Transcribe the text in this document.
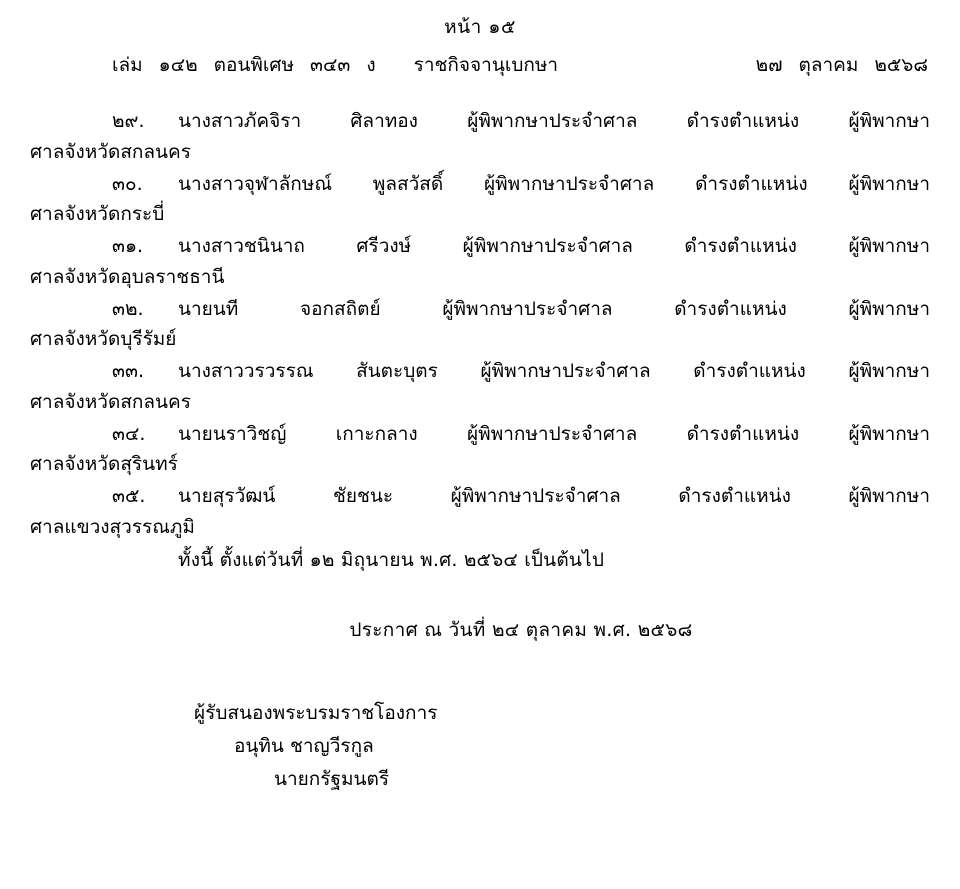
หน้า ๑๕
เล่ม ๑๔๒ ตอนพิเศษ ๓๔๓ ง ราชกิจจานุเบกษา	๒๗ ตุลาคม ๒๕๖๘
๒๙. นางสาวภัคจิรา ศิลาทอง ผู้พิพากษาประจำศาล ดำรงตำแหน่ง ผู้พิพากษา
ศาลจังหวัดสกลนคร
๓๐. นางสาวจุฬาลักษณ์ พูลสวัสดิ์ ผู้พิพากษาประจำศาล ดำรงตำแหน่ง ผู้พิพากษา
ศาลจังหวัดกระบี่
๓๑. นางสาวชนินาถ ศรีวงษ์ ผู้พิพากษาประจำศาล ดำรงตำแหน่ง ผู้พิพากษา
ศาลจังหวัดอุบลราชธานี
๓๒. นายนที จอกสถิตย์ ผู้พิพากษาประจำศาล ดำรงตำแหน่ง ผู้พิพากษา
ศาลจังหวัดบุรีรัมย์
๓๓. นางสาววรวรรณ สันตะบุตร ผู้พิพากษาประจำศาล ดำรงตำแหน่ง ผู้พิพากษา
ศาลจังหวัดสกลนคร
๓๔. นายนราวิชญ์ เกาะกลาง ผู้พิพากษาประจำศาล ดำรงตำแหน่ง ผู้พิพากษา
ศาลจังหวัดสุรินทร์
๓๕. นายสุรวัฒน์ ชัยชนะ ผู้พิพากษาประจำศาล ดำรงตำแหน่ง ผู้พิพากษา
ศาลแขวงสุวรรณภูมิ
ทั้งนี้ ตั้งแต่วันที่ ๑๒ มิถุนายน พ.ศ. ๒๕๖๔ เป็นต้นไป
ประกาศ ณ วันที่ ๒๔ ตุลาคม พ.ศ. ๒๕๖๘
ผู้รับสนองพระบรมราชโองการ
อนุทิน ชาญวีรกูล
นายกรัฐมนตรี
